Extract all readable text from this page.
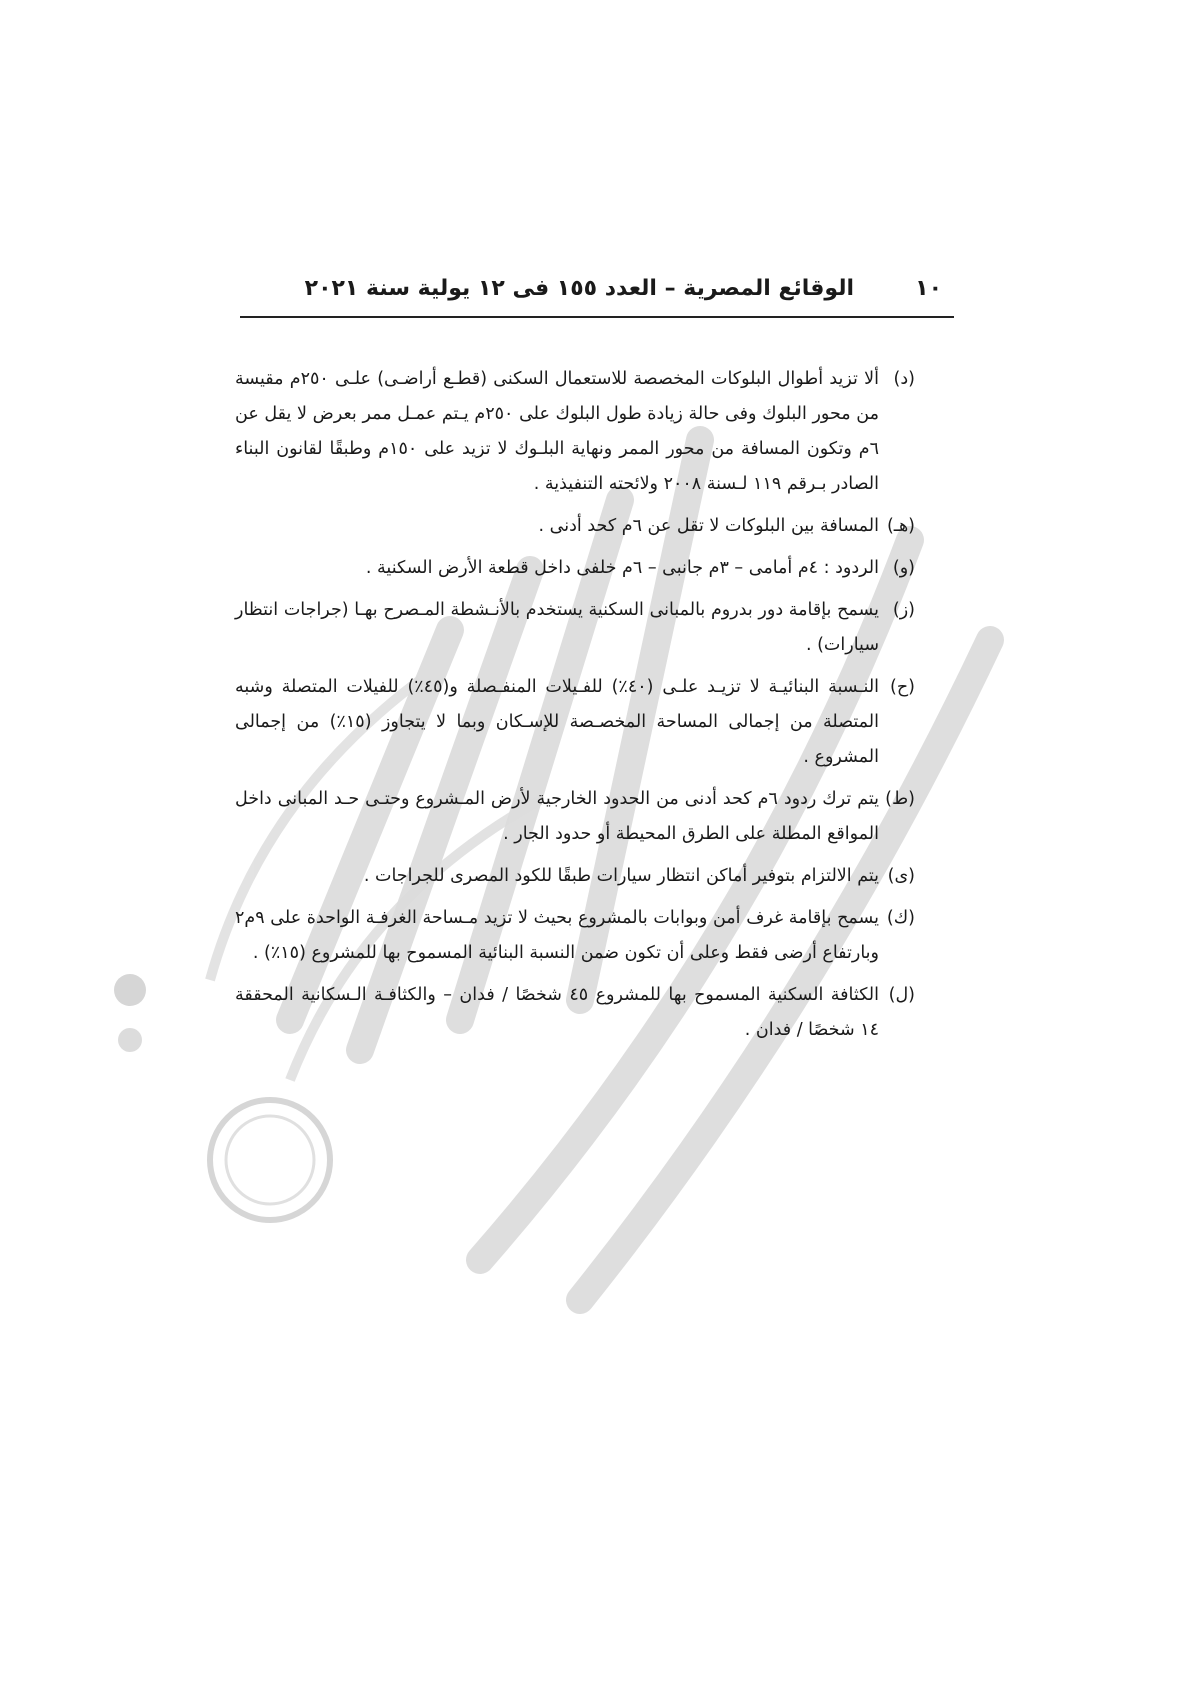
١٠
الوقائع المصرية – العدد ١٥٥ فى ١٢ يولية سنة ٢٠٢١
(د)
ألا تزيد أطوال البلوكات المخصصة للاستعمال السكنى (قطـع أراضـى) علـى ٢٥٠م مقيسة من محور البلوك وفى حالة زيادة طول البلوك على ٢٥٠م يـتم عمـل ممر بعرض لا يقل عن ٦م وتكون المسافة من محور الممر ونهاية البلـوك لا تزيد على ١٥٠م وطبقًا لقانون البناء الصادر بـرقم ١١٩ لـسنة ٢٠٠٨ ولائحته التنفيذية .
(هـ)
المسافة بين البلوكات لا تقل عن ٦م كحد أدنى .
(و)
الردود : ٤م أمامى – ٣م جانبى – ٦م خلفى داخل قطعة الأرض السكنية .
(ز)
يسمح بإقامة دور بدروم بالمبانى السكنية يستخدم بالأنـشطة المـصرح بهـا (جراجات انتظار سيارات) .
(ح)
النـسبة البنائيـة لا تزيـد علـى (٤٠٪) للفـيلات المنفـصلة و(٤٥٪) للفيلات المتصلة وشبه المتصلة من إجمالى المساحة المخصـصة للإسـكان وبما لا يتجاوز (١٥٪) من إجمالى المشروع .
(ط)
يتم ترك ردود ٦م كحد أدنى من الحدود الخارجية لأرض المـشروع وحتـى حـد المبانى داخل المواقع المطلة على الطرق المحيطة أو حدود الجار .
(ى)
يتم الالتزام بتوفير أماكن انتظار سيارات طبقًا للكود المصرى للجراجات .
(ك)
يسمح بإقامة غرف أمن وبوابات بالمشروع بحيث لا تزيد مـساحة الغرفـة الواحدة على ٩م٢ وبارتفاع أرضى فقط وعلى أن تكون ضمن النسبة البنائية المسموح بها للمشروع (١٥٪) .
(ل)
الكثافة السكنية المسموح بها للمشروع ٤٥ شخصًا / فدان – والكثافـة الـسكانية المحققة ١٤ شخصًا / فدان .
